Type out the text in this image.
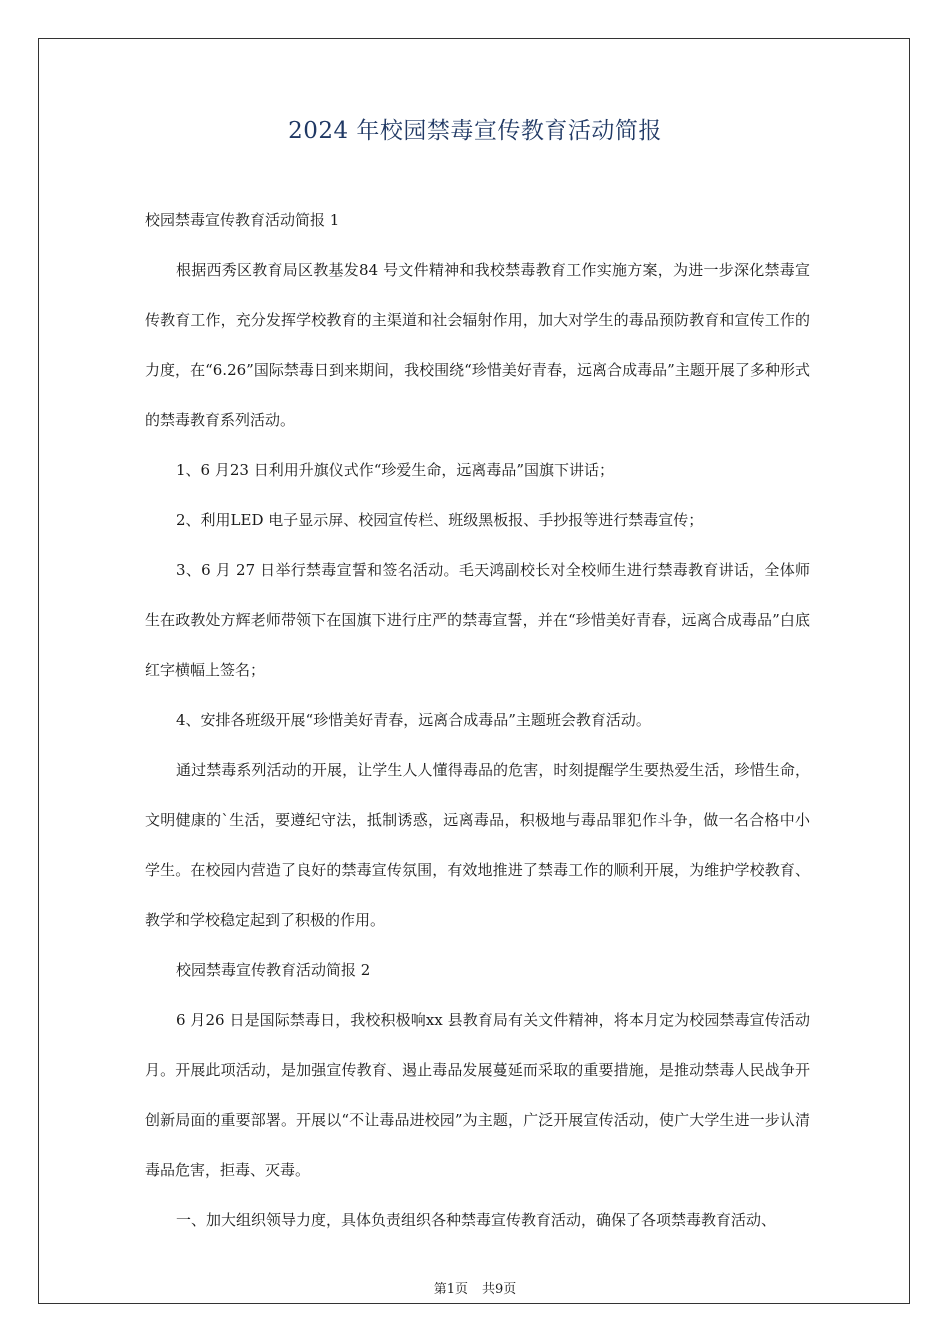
2024 年校园禁毒宣传教育活动简报

校园禁毒宣传教育活动简报 1

根据西秀区教育局区教基发84 号文件精神和我校禁毒教育工作实施方案，为进一步深化禁毒宣传教育工作，充分发挥学校教育的主渠道和社会辐射作用，加大对学生的毒品预防教育和宣传工作的力度，在“6.26”国际禁毒日到来期间，我校围绕“珍惜美好青春，远离合成毒品”主题开展了多种形式的禁毒教育系列活动。

1、6 月23 日利用升旗仪式作“珍爱生命，远离毒品”国旗下讲话；

2、利用LED 电子显示屏、校园宣传栏、班级黑板报、手抄报等进行禁毒宣传；

3、6 月 27 日举行禁毒宣誓和签名活动。毛天鸿副校长对全校师生进行禁毒教育讲话，全体师生在政教处方辉老师带领下在国旗下进行庄严的禁毒宣誓，并在“珍惜美好青春，远离合成毒品”白底红字横幅上签名；

4、安排各班级开展“珍惜美好青春，远离合成毒品”主题班会教育活动。

通过禁毒系列活动的开展，让学生人人懂得毒品的危害，时刻提醒学生要热爱生活，珍惜生命，文明健康的`生活，要遵纪守法，抵制诱惑，远离毒品，积极地与毒品罪犯作斗争，做一名合格中小学生。在校园内营造了良好的禁毒宣传氛围，有效地推进了禁毒工作的顺利开展，为维护学校教育、教学和学校稳定起到了积极的作用。

校园禁毒宣传教育活动简报 2

6 月26 日是国际禁毒日，我校积极响xx 县教育局有关文件精神，将本月定为校园禁毒宣传活动月。开展此项活动，是加强宣传教育、遏止毒品发展蔓延而采取的重要措施，是推动禁毒人民战争开创新局面的重要部署。开展以“不让毒品进校园”为主题，广泛开展宣传活动，使广大学生进一步认清毒品危害，拒毒、灭毒。

一、加大组织领导力度，具体负责组织各种禁毒宣传教育活动，确保了各项禁毒教育活动、

第1页 共9页
